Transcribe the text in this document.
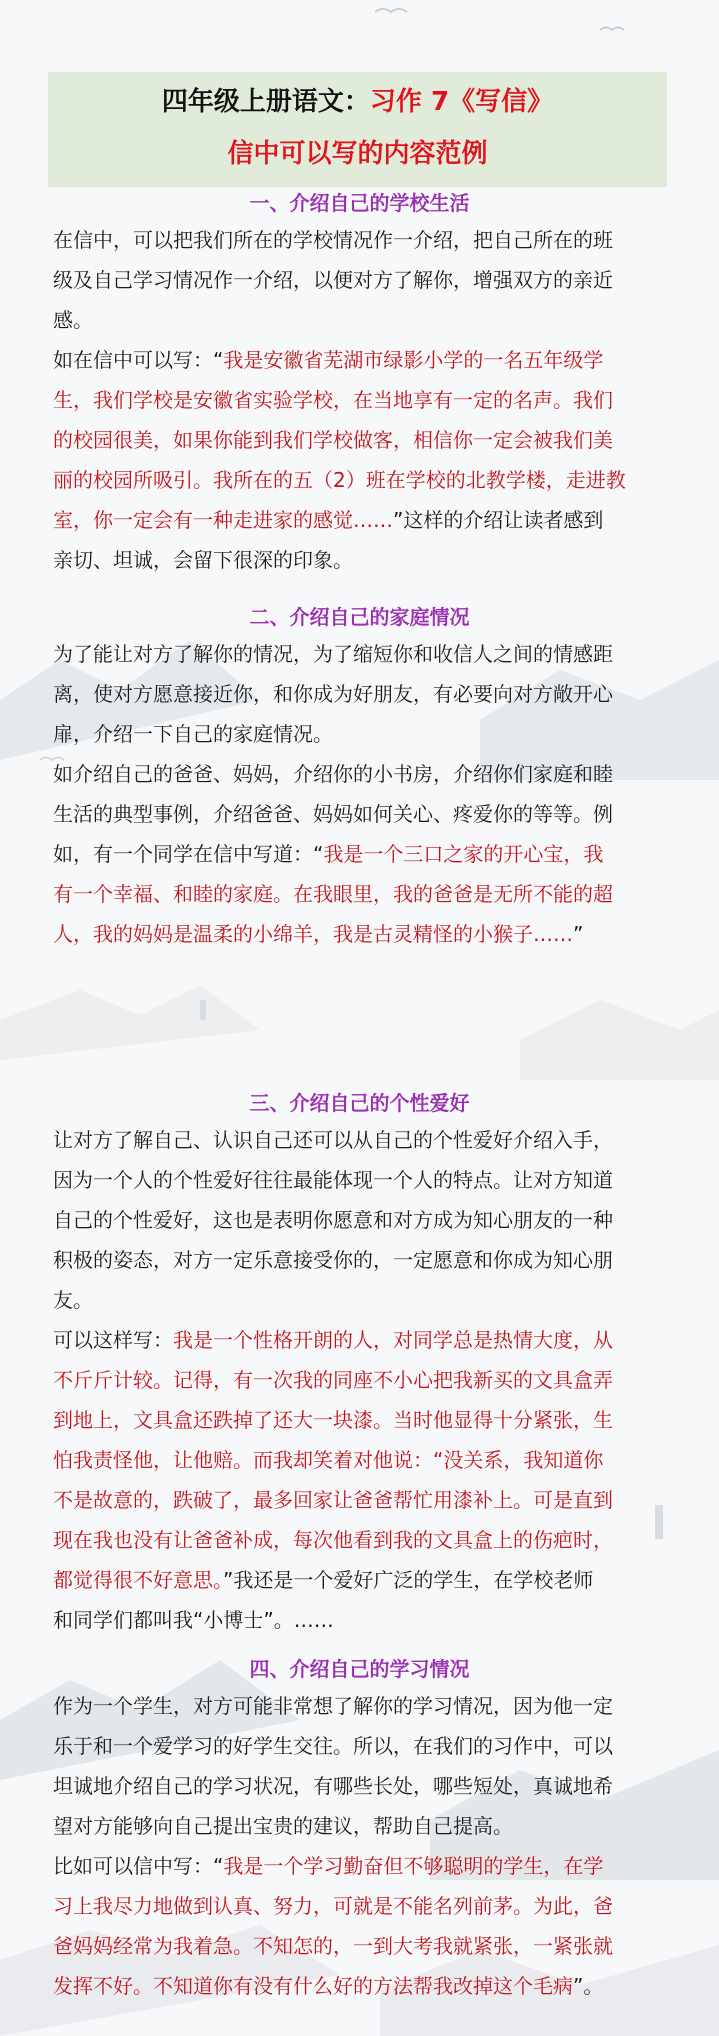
四年级上册语文：习作 7《写信》
信中可以写的内容范例
一、介绍自己的学校生活
在信中，可以把我们所在的学校情况作一介绍，把自己所在的班
级及自己学习情况作一介绍，以便对方了解你，增强双方的亲近
感。
如在信中可以写：“我是安徽省芜湖市绿影小学的一名五年级学
生，我们学校是安徽省实验学校，在当地享有一定的名声。我们
的校园很美，如果你能到我们学校做客，相信你一定会被我们美
丽的校园所吸引。我所在的五（2）班在学校的北教学楼，走进教
室，你一定会有一种走进家的感觉……”这样的介绍让读者感到
亲切、坦诚，会留下很深的印象。
二、介绍自己的家庭情况
为了能让对方了解你的情况，为了缩短你和收信人之间的情感距
离，使对方愿意接近你，和你成为好朋友，有必要向对方敞开心
扉，介绍一下自己的家庭情况。
如介绍自己的爸爸、妈妈，介绍你的小书房，介绍你们家庭和睦
生活的典型事例，介绍爸爸、妈妈如何关心、疼爱你的等等。例
如，有一个同学在信中写道：“我是一个三口之家的开心宝，我
有一个幸福、和睦的家庭。在我眼里，我的爸爸是无所不能的超
人，我的妈妈是温柔的小绵羊，我是古灵精怪的小猴子……”
三、介绍自己的个性爱好
让对方了解自己、认识自己还可以从自己的个性爱好介绍入手，
因为一个人的个性爱好往往最能体现一个人的特点。让对方知道
自己的个性爱好，这也是表明你愿意和对方成为知心朋友的一种
积极的姿态，对方一定乐意接受你的，一定愿意和你成为知心朋
友。
可以这样写：我是一个性格开朗的人，对同学总是热情大度，从
不斤斤计较。记得，有一次我的同座不小心把我新买的文具盒弄
到地上，文具盒还跌掉了还大一块漆。当时他显得十分紧张，生
怕我责怪他，让他赔。而我却笑着对他说：“没关系，我知道你
不是故意的，跌破了，最多回家让爸爸帮忙用漆补上。可是直到
现在我也没有让爸爸补成，每次他看到我的文具盒上的伤疤时，
都觉得很不好意思。”我还是一个爱好广泛的学生，在学校老师
和同学们都叫我“小博士”。……
四、介绍自己的学习情况
作为一个学生，对方可能非常想了解你的学习情况，因为他一定
乐于和一个爱学习的好学生交往。所以，在我们的习作中，可以
坦诚地介绍自己的学习状况，有哪些长处，哪些短处，真诚地希
望对方能够向自己提出宝贵的建议，帮助自己提高。
比如可以信中写：“我是一个学习勤奋但不够聪明的学生，在学
习上我尽力地做到认真、努力，可就是不能名列前茅。为此，爸
爸妈妈经常为我着急。不知怎的，一到大考我就紧张，一紧张就
发挥不好。不知道你有没有什么好的方法帮我改掉这个毛病”。
